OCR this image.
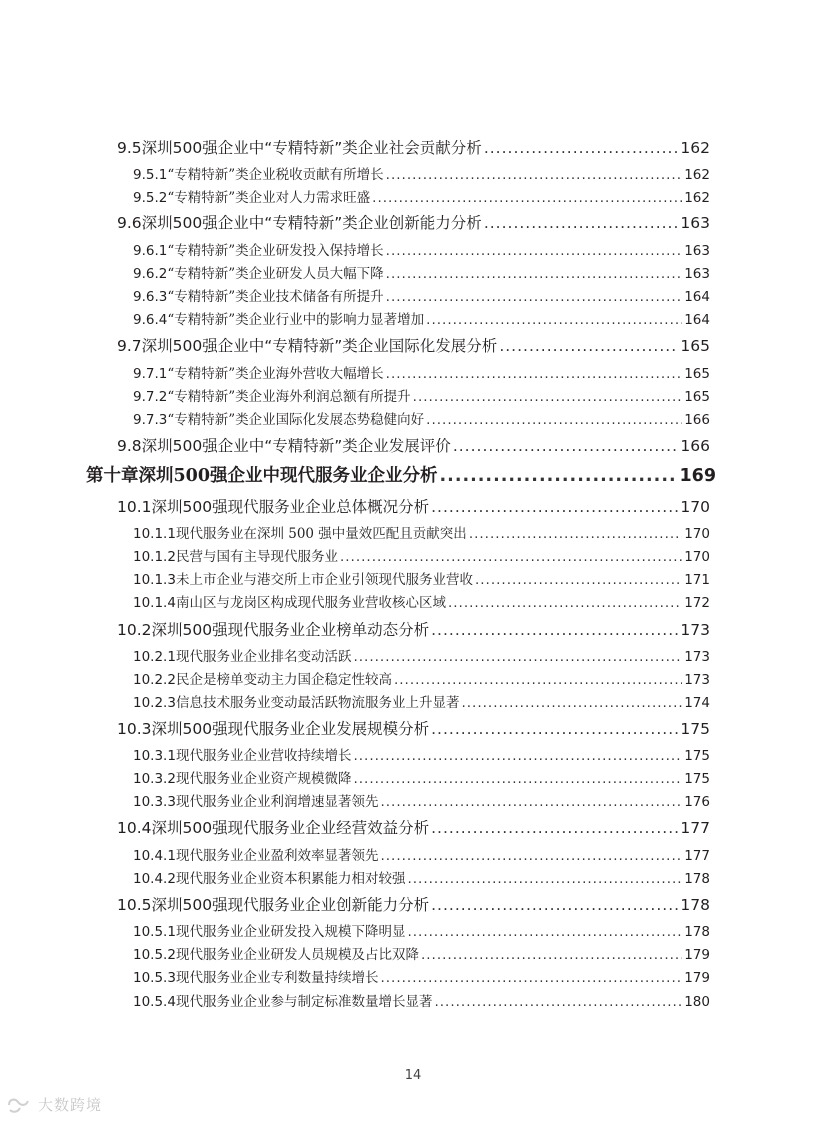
9.5 深圳500强企业中“专精特新”类企业社会贡献分析 .....	162
9.5.1 “专精特新”类企业税收贡献有所增长 .....	162
9.5.2 “专精特新”类企业对人力需求旺盛 .....	162
9.6 深圳500强企业中“专精特新”类企业创新能力分析 .....	163
9.6.1 “专精特新”类企业研发投入保持增长 .....	163
9.6.2 “专精特新”类企业研发人员大幅下降 .....	163
9.6.3 “专精特新”类企业技术储备有所提升 .....	164
9.6.4 “专精特新”类企业行业中的影响力显著增加 .....	164
9.7 深圳500强企业中“专精特新”类企业国际化发展分析 .....	165
9.7.1 “专精特新”类企业海外营收大幅增长 .....	165
9.7.2 “专精特新”类企业海外利润总额有所提升 .....	165
9.7.3 “专精特新”类企业国际化发展态势稳健向好 .....	166
9.8 深圳500强企业中“专精特新”类企业发展评价 .....	166
第十章 深圳500强企业中现代服务业企业分析 .....	169
10.1 深圳500强现代服务业企业总体概况分析 .....	170
10.1.1 现代服务业在深圳 500 强中量效匹配且贡献突出 .....	170
10.1.2 民营与国有主导现代服务业 .....	170
10.1.3 未上市企业与港交所上市企业引领现代服务业营收 .....	171
10.1.4 南山区与龙岗区构成现代服务业营收核心区域 .....	172
10.2 深圳500强现代服务业企业榜单动态分析 .....	173
10.2.1 现代服务业企业排名变动活跃 .....	173
10.2.2 民企是榜单变动主力国企稳定性较高 .....	173
10.2.3 信息技术服务业变动最活跃物流服务业上升显著 .....	174
10.3 深圳500强现代服务业企业发展规模分析 .....	175
10.3.1 现代服务业企业营收持续增长 .....	175
10.3.2 现代服务业企业资产规模微降 .....	175
10.3.3 现代服务业企业利润增速显著领先 .....	176
10.4 深圳500强现代服务业企业经营效益分析 .....	177
10.4.1 现代服务业企业盈利效率显著领先 .....	177
10.4.2 现代服务业企业资本积累能力相对较强 .....	178
10.5 深圳500强现代服务业企业创新能力分析 .....	178
10.5.1 现代服务业企业研发投入规模下降明显 .....	178
10.5.2 现代服务业企业研发人员规模及占比双降 .....	179
10.5.3 现代服务业企业专利数量持续增长 .....	179
10.5.4 现代服务业企业参与制定标准数量增长显著 .....	180
14
大数跨境
